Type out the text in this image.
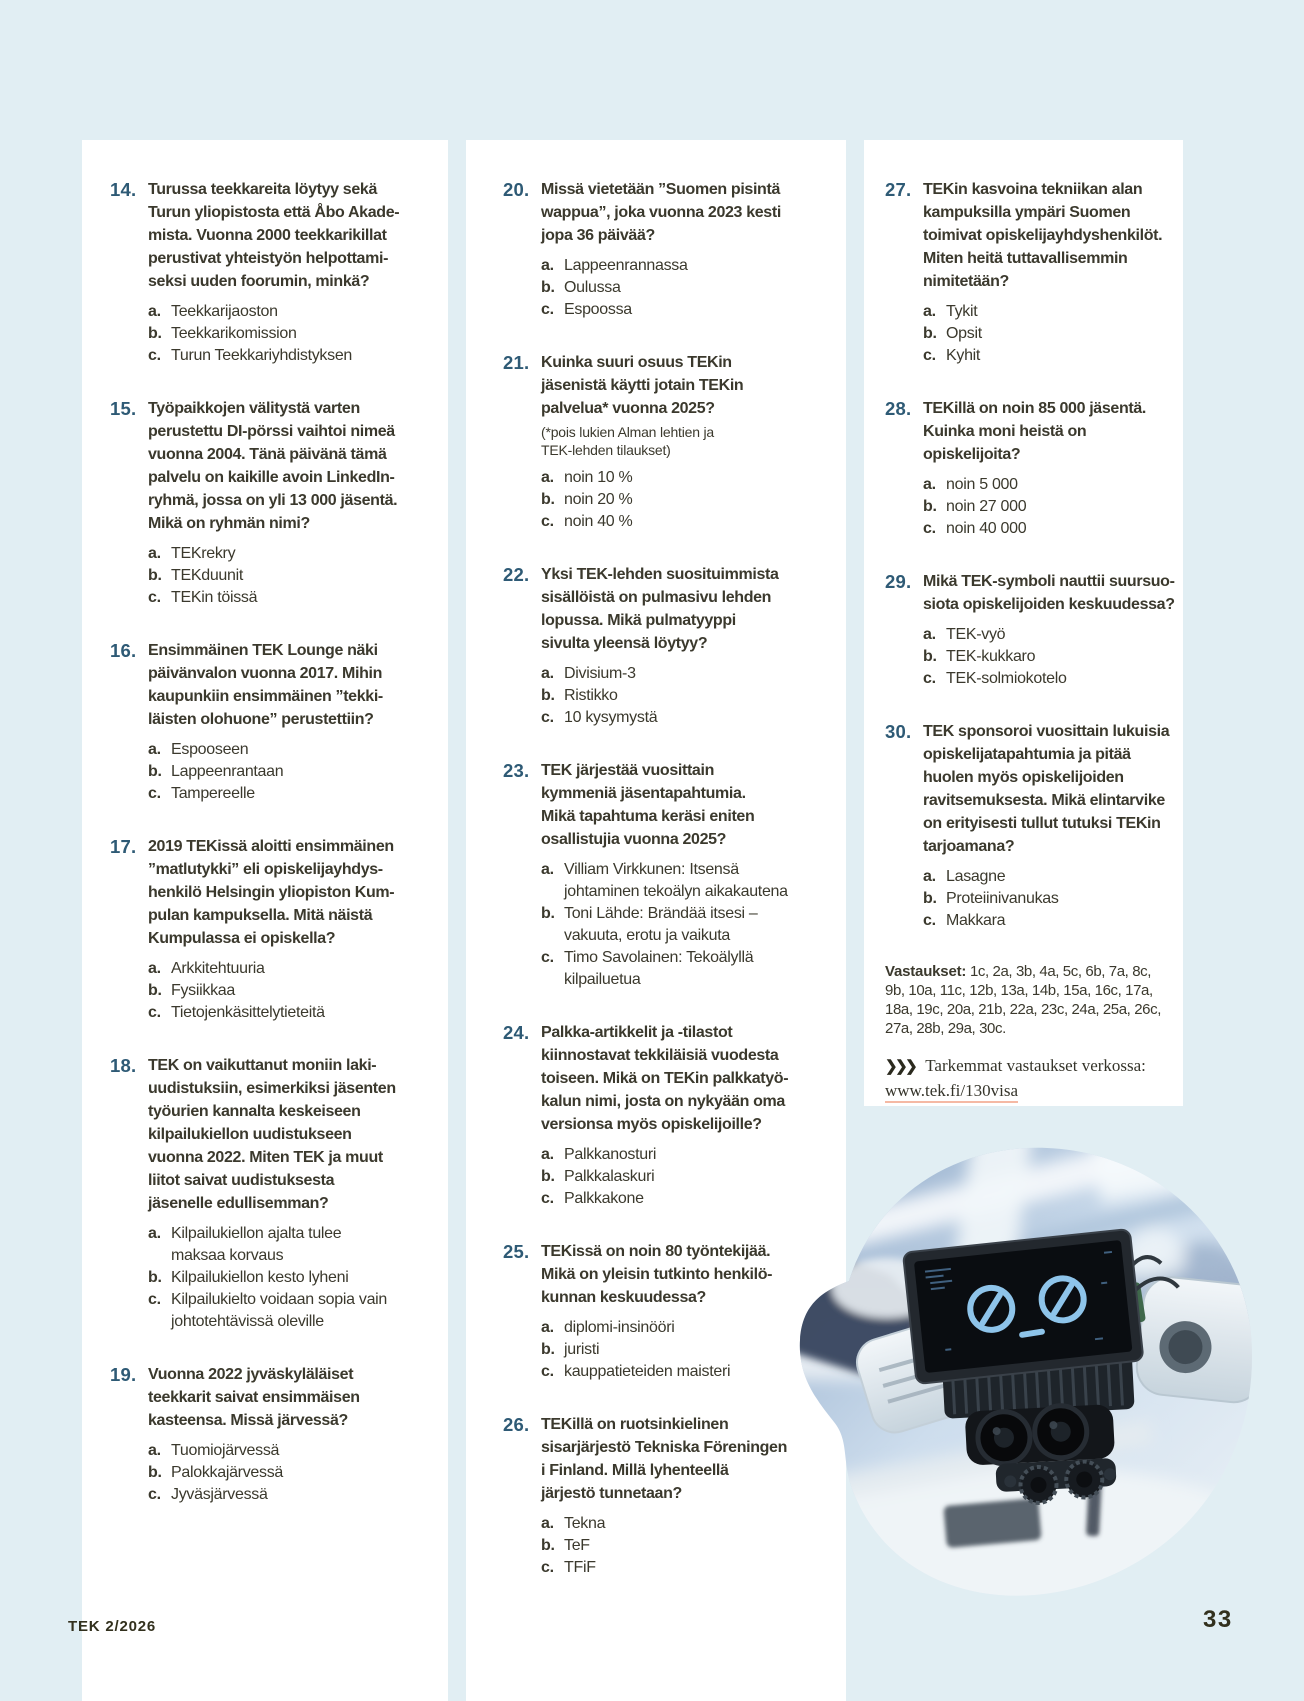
14. Turussa teekkareita löytyy sekä
Turun yliopistosta että Åbo Akade-
mista. Vuonna 2000 teekkarikillat
perustivat yhteistyön helpottami-
seksi uuden foorumin, minkä?
a. Teekkarijaoston
b. Teekkarikomission
c. Turun Teekkariyhdistyksen
15. Työpaikkojen välitystä varten
perustettu DI-pörssi vaihtoi nimeä
vuonna 2004. Tänä päivänä tämä
palvelu on kaikille avoin LinkedIn-
ryhmä, jossa on yli 13 000 jäsentä.
Mikä on ryhmän nimi?
a. TEKrekry
b. TEKduunit
c. TEKin töissä
16. Ensimmäinen TEK Lounge näki
päivänvalon vuonna 2017. Mihin
kaupunkiin ensimmäinen ”tekki-
läisten olohuone” perustettiin?
a. Espooseen
b. Lappeenrantaan
c. Tampereelle
17. 2019 TEKissä aloitti ensimmäinen
”matlutykki” eli opiskelijayhdys-
henkilö Helsingin yliopiston Kum-
pulan kampuksella. Mitä näistä
Kumpulassa ei opiskella?
a. Arkkitehtuuria
b. Fysiikkaa
c. Tietojenkäsittelytieteitä
18. TEK on vaikuttanut moniin laki-
uudistuksiin, esimerkiksi jäsenten
työurien kannalta keskeiseen
kilpailukiellon uudistukseen
vuonna 2022. Miten TEK ja muut
liitot saivat uudistuksesta
jäsenelle edullisemman?
a. Kilpailukiellon ajalta tulee
maksaa korvaus
b. Kilpailukiellon kesto lyheni
c. Kilpailukielto voidaan sopia vain
johtotehtävissä oleville
19. Vuonna 2022 jyväskyläläiset
teekkarit saivat ensimmäisen
kasteensa. Missä järvessä?
a. Tuomiojärvessä
b. Palokkajärvessä
c. Jyväsjärvessä
20. Missä vietetään ”Suomen pisintä
wappua”, joka vuonna 2023 kesti
jopa 36 päivää?
a. Lappeenrannassa
b. Oulussa
c. Espoossa
21. Kuinka suuri osuus TEKin
jäsenistä käytti jotain TEKin
palvelua* vuonna 2025?
(*pois lukien Alman lehtien ja
TEK-lehden tilaukset)
a. noin 10 %
b. noin 20 %
c. noin 40 %
22. Yksi TEK-lehden suosituimmista
sisällöistä on pulmasivu lehden
lopussa. Mikä pulmatyyppi
sivulta yleensä löytyy?
a. Divisium-3
b. Ristikko
c. 10 kysymystä
23. TEK järjestää vuosittain
kymmeniä jäsentapahtumia.
Mikä tapahtuma keräsi eniten
osallistujia vuonna 2025?
a. Villiam Virkkunen: Itsensä
johtaminen tekoälyn aikakautena
b. Toni Lähde: Brändää itsesi –
vakuuta, erotu ja vaikuta
c. Timo Savolainen: Tekoälyllä
kilpailuetua
24. Palkka-artikkelit ja -tilastot
kiinnostavat tekkiläisiä vuodesta
toiseen. Mikä on TEKin palkkatyö-
kalun nimi, josta on nykyään oma
versionsa myös opiskelijoille?
a. Palkkanosturi
b. Palkkalaskuri
c. Palkkakone
25. TEKissä on noin 80 työntekijää.
Mikä on yleisin tutkinto henkilö-
kunnan keskuudessa?
a. diplomi-insinööri
b. juristi
c. kauppatieteiden maisteri
26. TEKillä on ruotsinkielinen
sisarjärjestö Tekniska Föreningen
i Finland. Millä lyhenteellä
järjestö tunnetaan?
a. Tekna
b. TeF
c. TFiF
27. TEKin kasvoina tekniikan alan
kampuksilla ympäri Suomen
toimivat opiskelijayhdyshenkilöt.
Miten heitä tuttavallisemmin
nimitetään?
a. Tykit
b. Opsit
c. Kyhit
28. TEKillä on noin 85 000 jäsentä.
Kuinka moni heistä on
opiskelijoita?
a. noin 5 000
b. noin 27 000
c. noin 40 000
29. Mikä TEK-symboli nauttii suursuo-
siota opiskelijoiden keskuudessa?
a. TEK-vyö
b. TEK-kukkaro
c. TEK-solmiokotelo
30. TEK sponsoroi vuosittain lukuisia
opiskelijatapahtumia ja pitää
huolen myös opiskelijoiden
ravitsemuksesta. Mikä elintarvike
on erityisesti tullut tutuksi TEKin
tarjoamana?
a. Lasagne
b. Proteiinivanukas
c. Makkara

Vastaukset: 1c, 2a, 3b, 4a, 5c, 6b, 7a, 8c, 9b, 10a, 11c, 12b, 13a, 14b, 15a, 16c, 17a, 18a, 19c, 20a, 21b, 22a, 23c, 24a, 25a, 26c, 27a, 28b, 29a, 30c.

❯❯❯ Tarkemmat vastaukset verkossa:
www.tek.fi/130visa
TEK 2/2026	33
